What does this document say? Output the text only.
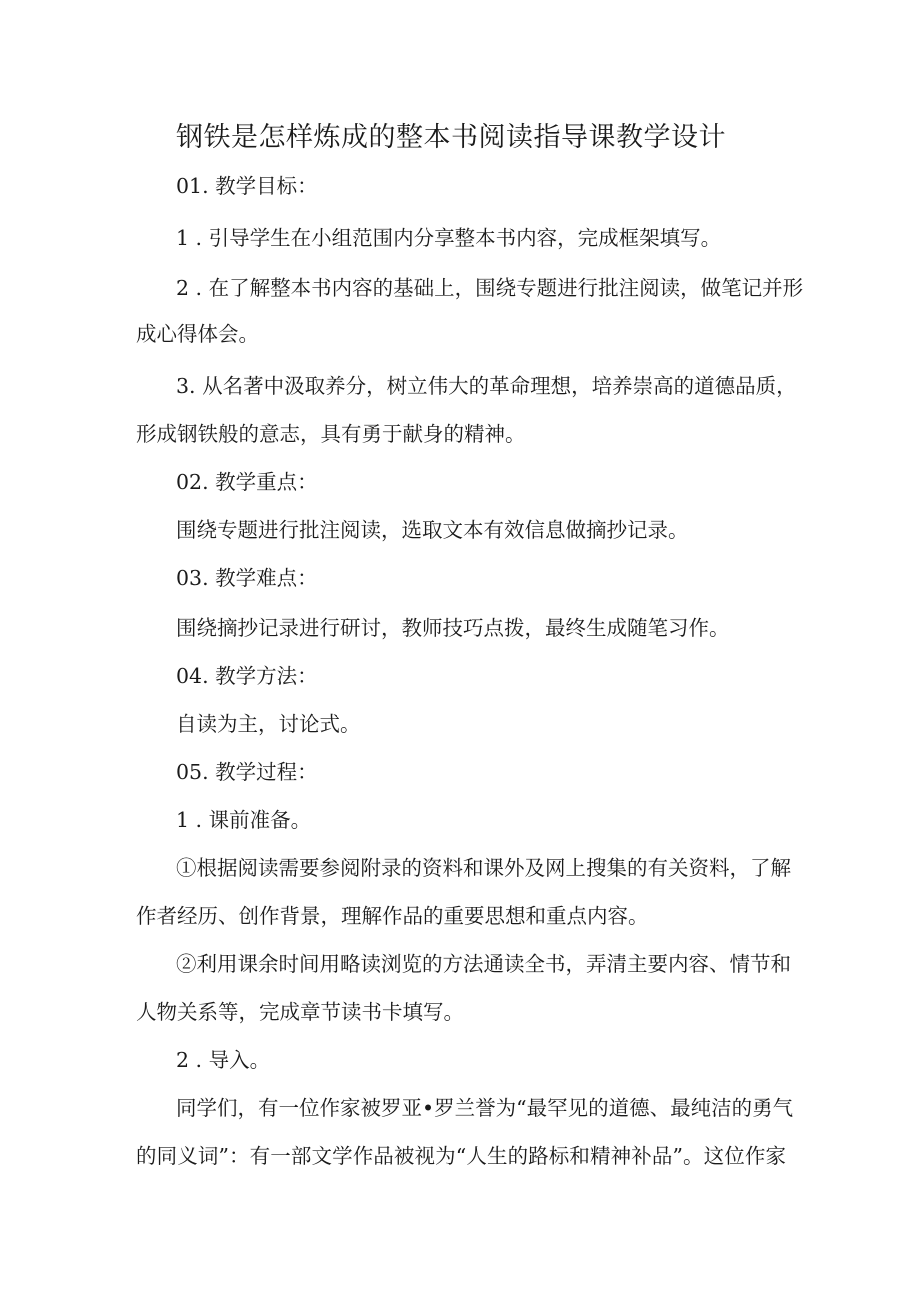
钢铁是怎样炼成的整本书阅读指导课教学设计
01. 教学目标：
1 . 引导学生在小组范围内分享整本书内容，完成框架填写。
2 . 在了解整本书内容的基础上，围绕专题进行批注阅读，做笔记并形
成心得体会。
3. 从名著中汲取养分，树立伟大的革命理想，培养崇高的道德品质，
形成钢铁般的意志，具有勇于献身的精神。
02. 教学重点：
围绕专题进行批注阅读，选取文本有效信息做摘抄记录。
03. 教学难点：
围绕摘抄记录进行研讨，教师技巧点拨，最终生成随笔习作。
04. 教学方法：
自读为主，讨论式。
05. 教学过程：
1 . 课前准备。
①根据阅读需要参阅附录的资料和课外及网上搜集的有关资料，了解
作者经历、创作背景，理解作品的重要思想和重点内容。
②利用课余时间用略读浏览的方法通读全书，弄清主要内容、情节和
人物关系等，完成章节读书卡填写。
2 . 导入。
同学们，有一位作家被罗亚•罗兰誉为“最罕见的道德、最纯洁的勇气
的同义词”：有一部文学作品被视为“人生的路标和精神补品”。这位作家
